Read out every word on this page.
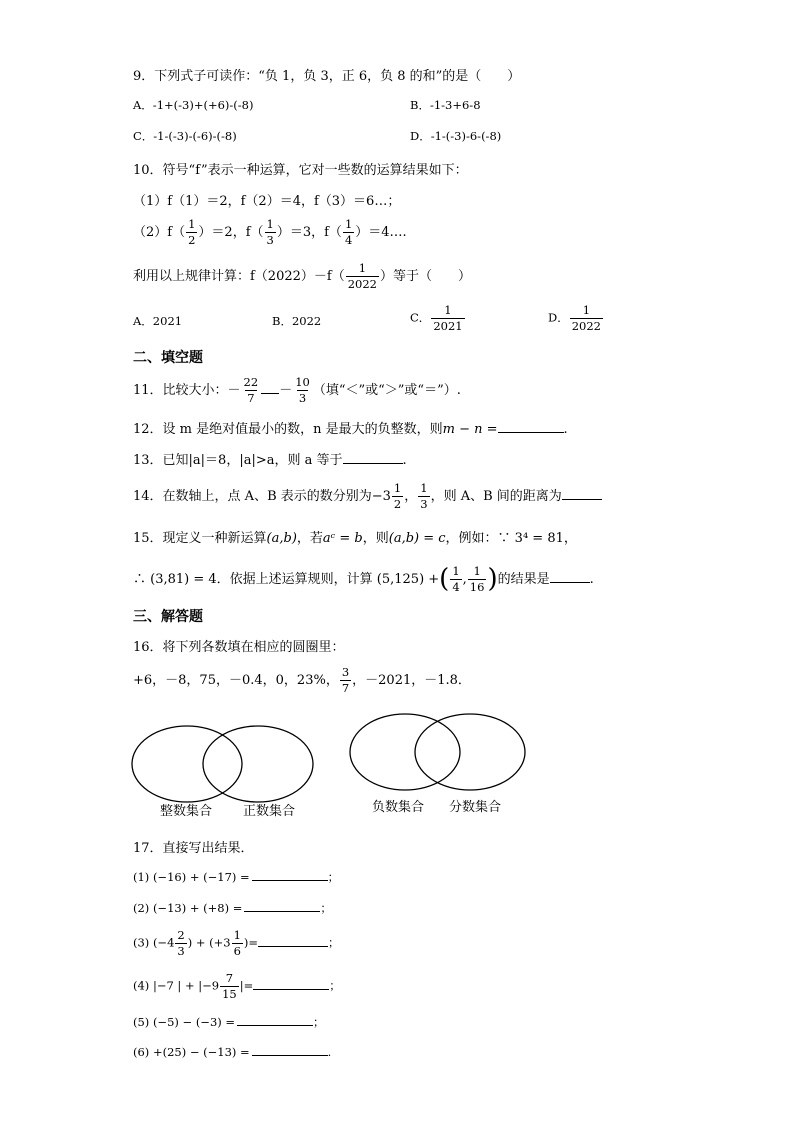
9．下列式子可读作：“负 1，负 3，正 6，负 8 的和”的是（　　）
A．-1+(-3)+(+6)-(-8)	B．-1-3+6-8
C．-1-(-3)-(-6)-(-8)	D．-1-(-3)-6-(-8)
10．符号“f”表示一种运算，它对一些数的运算结果如下：
（1）f（1）＝2，f（2）＝4，f（3）＝6…；
$(2)f( \frac{1}{2} )=2$，$f( \frac{1}{3} )=3$，$f( \frac{1}{4}$ ）＝4….
利用以上规律计算：$f(2022)-f( \frac{1}{2022}$ ）等于（　　）
A．2021	B．2022	C． $\frac{1}{2021}$	D． $\frac{1}{2022}$
二、填空题
11．比较大小：－ $\frac{22}{7} - \frac{10}{3}$ （填“＜”或“＞”或“＝”）.
12．设 m 是绝对值最小的数，n 是最大的负整数，则m − n =	.
13．已知|a|＝8，|a|>a，则 a 等于	.
14．在数轴上，点 A、B 表示的数分别为 $-3 \frac{1}{2}$ ， $\frac{1}{3}$ ，则 A、B 间的距离为
15．现定义一种新运算(a,b)，若aᶜ = b，则(a,b) = c，例如：∵ 3⁴ = 81，
∴ (3,81) = 4．依据上述运算规则，计算 (5,125) +( $\frac{1}{4}$ , $\frac{1}{16}$ )的结果是	.
三、解答题
16．将下列各数填在相应的圆圈里：
+6，－8，75，－0.4，0，23%， $\frac{3}{7}$ ，－2021，－1.8．
整数集合 正数集合	负数集合 分数集合
17．直接写出结果．
(1) (−16) + (−17) =	；
(2) (−13) + (+8) =	；
(3) ($-4 \frac{2}{3}$ ) + ($+3 \frac{1}{6}$ )=	；
(4) |−7 | + $|-9 \frac{7}{15}$ |=	；
(5) (−5) − (−3) =	；
(6) +(25) − (−13) =	.
